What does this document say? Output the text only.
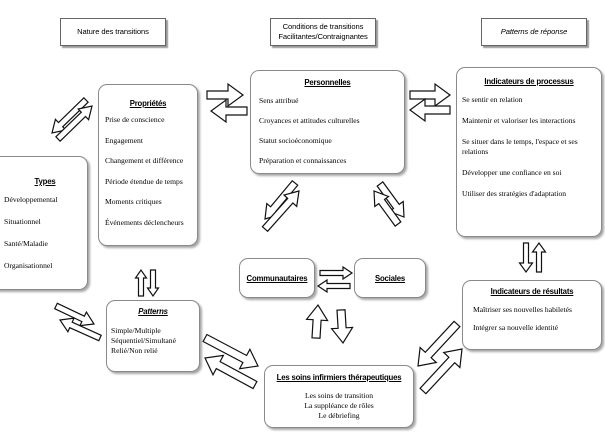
Nature des transitions
Conditions de transitions
Facilitantes/Contraignantes
Patterns de réponse

Propriétés

Prise de conscience
Engagement
Changement et différence
Période étendue de temps
Moments critiques
Événements déclencheurs

Types

Développemental
Situationnel
Santé/Maladie
Organisationnel

Patterns

Simple/Multiple
Séquentiel/Simultané
Relié/Non relié

Personnelles

Sens attribué
Croyances et attitudes culturelles
Statut socioéconomique
Préparation et connaissances

Communautaires	Sociales

Les soins infirmiers thérapeutiques

Les soins de transition
La suppléance de rôles
Le débriefing

Indicateurs de processus

Se sentir en relation
Maintenir et valoriser les interactions
Se situer dans le temps, l'espace et ses relations
Développer une confiance en soi
Utiliser des stratégies d'adaptation

Indicateurs de résultats

Maîtriser ses nouvelles habiletés
Intégrer sa nouvelle identité
